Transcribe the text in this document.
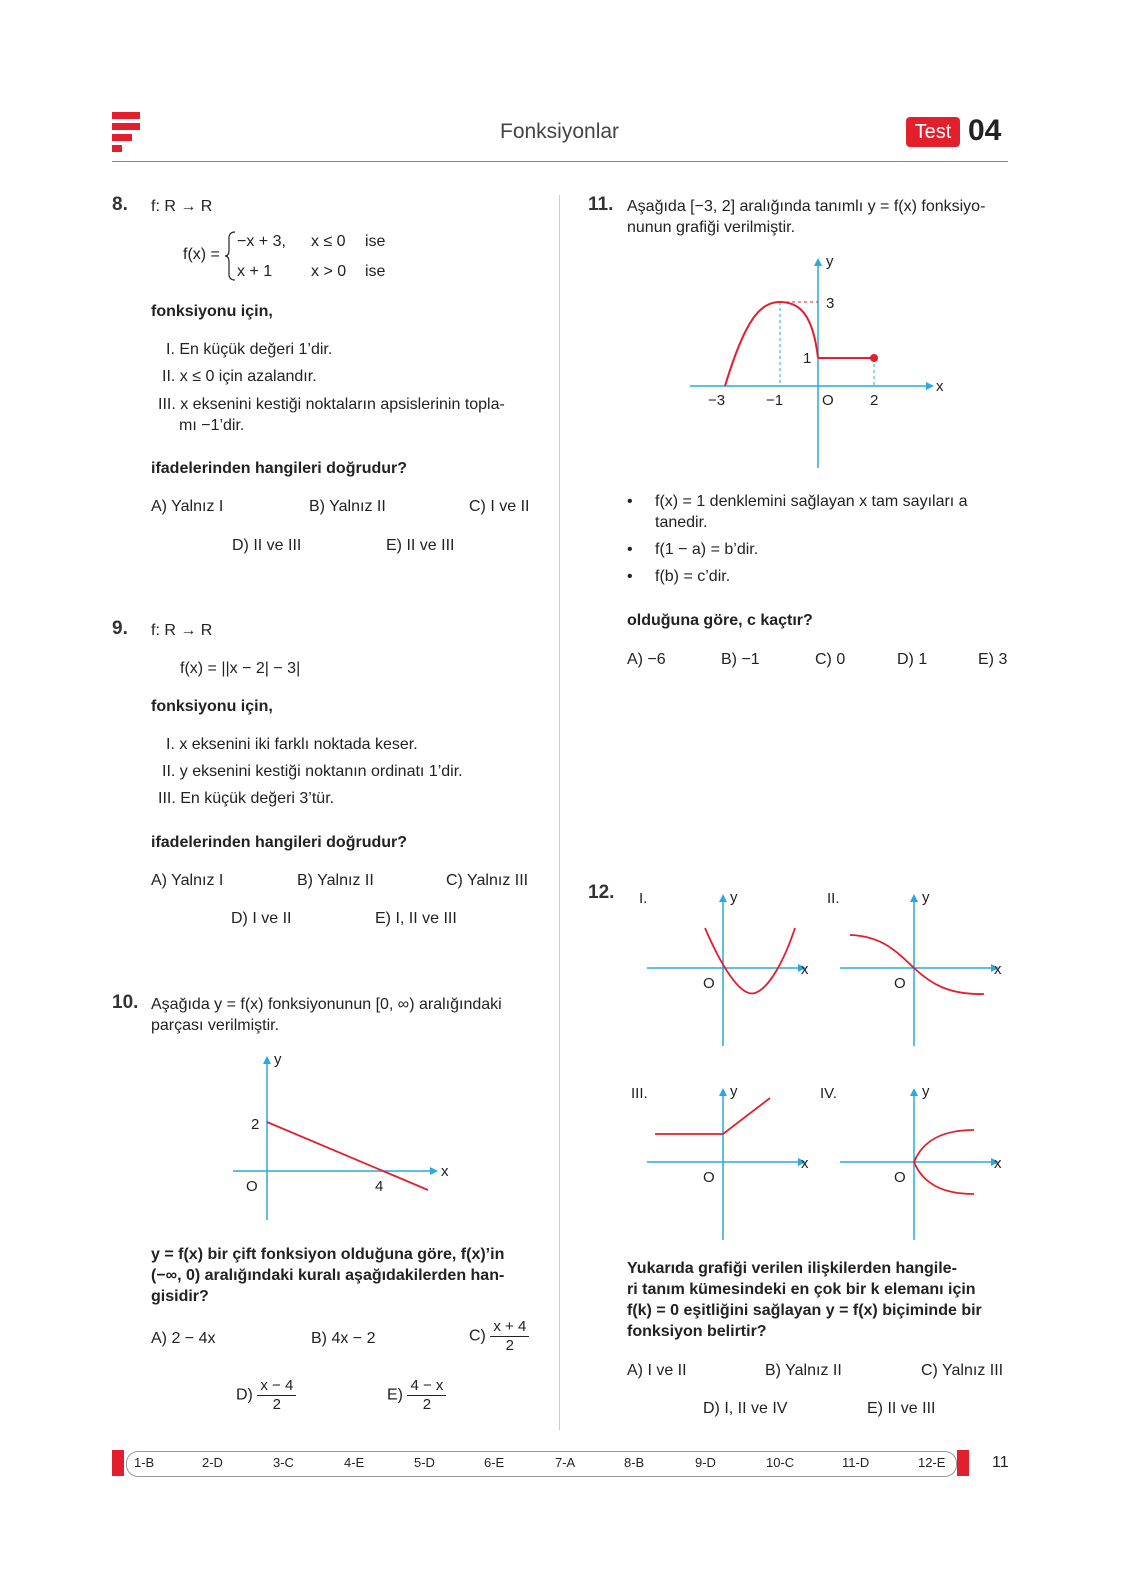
Fonksiyonlar	Test 04
8. f: R → R
f(x) =
−x + 3, x ≤ 0 ise
x + 1 x > 0 ise
fonksiyonu için,
I. En küçük değeri 1’dir.
II. x ≤ 0 için azalandır.
III. x eksenini kestiği noktaların apsislerinin topla-
mı −1’dir.
ifadelerinden hangileri doğrudur?
A) Yalnız I	B) Yalnız II	C) I ve II
D) II ve III	E) II ve III
9. f: R → R
f(x) = ||x − 2| − 3|
fonksiyonu için,
I. x eksenini iki farklı noktada keser.
II. y eksenini kestiği noktanın ordinatı 1’dir.
III. En küçük değeri 3’tür.
ifadelerinden hangileri doğrudur?
A) Yalnız I	B) Yalnız II	C) Yalnız III
D) I ve II	E) I, II ve III
10. Aşağıda y = f(x) fonksiyonunun [0, ∞) aralığındaki
parçası verilmiştir.
y
x
O
2
4
y = f(x) bir çift fonksiyon olduğuna göre, f(x)’in
(−∞, 0) aralığındaki kuralı aşağıdakilerden han-
gisidir?
A) 2 − 4x	B) 4x − 2	$C) \frac{x + 4}{2}$
$D) \frac{x - 4}{2}$	$E) \frac{4 - x}{2}$
11. Aşağıda [−3, 2] aralığında tanımlı y = f(x) fonksiyo-
nunun grafiği verilmiştir.
y
x
O
−3	−1	2
3
1
• f(x) = 1 denklemini sağlayan x tam sayıları a
tanedir.
• f(1 − a) = b’dir.
• f(b) = c’dir.
olduğuna göre, c kaçtır?
A) −6	B) −1	C) 0	D) 1	E) 3
12. I.	y
x
O
II.	y
x
O
III.	y
x
O
IV.	y
x
O
Yukarıda grafiği verilen ilişkilerden hangile-
ri tanım kümesindeki en çok bir k elemanı için
f(k) = 0 eşitliğini sağlayan y = f(x) biçiminde bir
fonksiyon belirtir?
A) I ve II	B) Yalnız II	C) Yalnız III
D) I, II ve IV	E) II ve III
1-B	2-D	3-C	4-E	5-D	6-E	7-A	8-B	9-D	10-C	11-D	12-E	11
